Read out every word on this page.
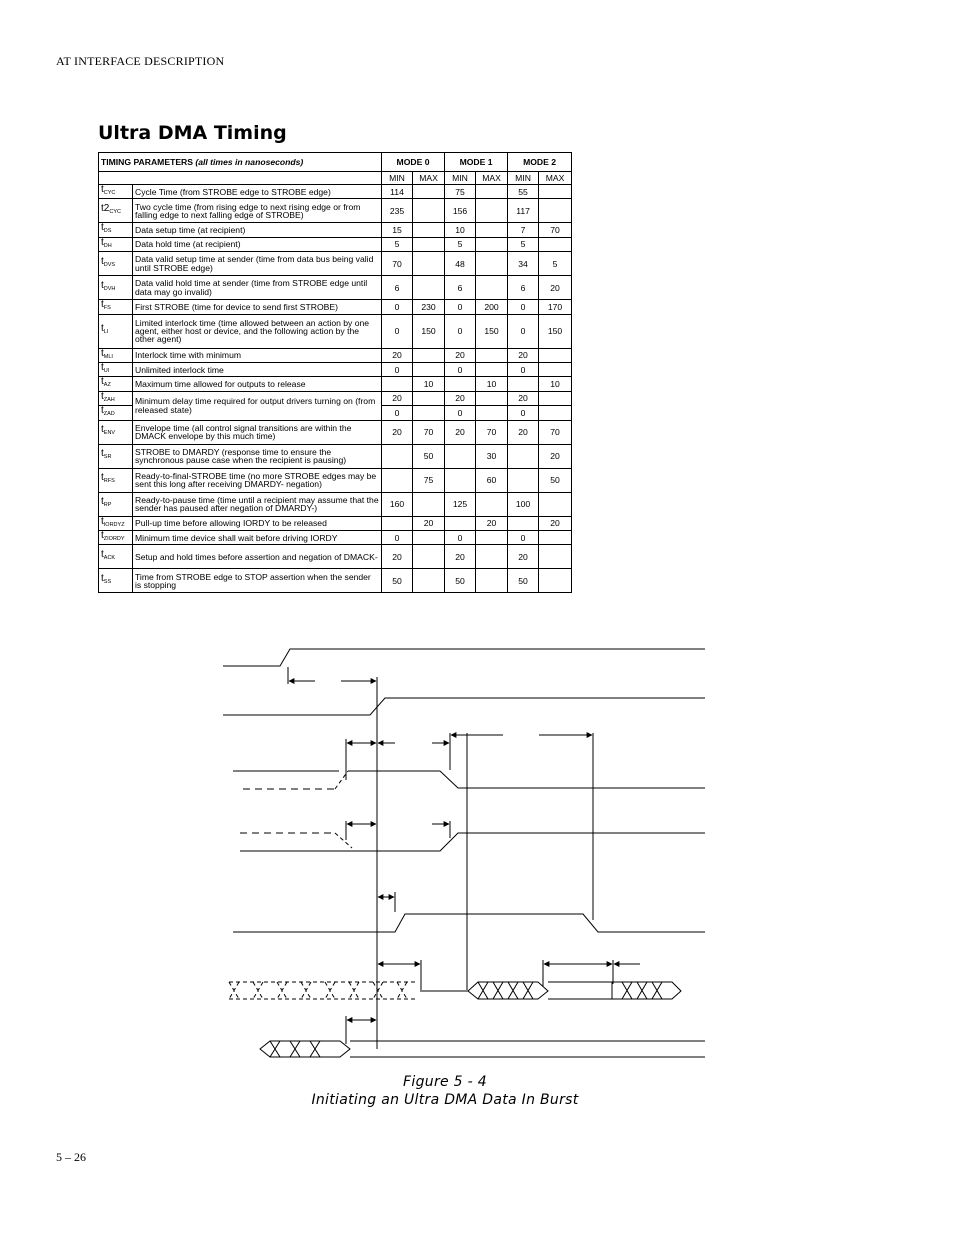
AT INTERFACE DESCRIPTION
Ultra DMA Timing
TIMING PARAMETERS (all times in nanoseconds)		MODE 0		MODE 1		MODE 2	
		MIN	MAX	MIN	MAX	MIN	MAX
$t_{CYC}$	Cycle Time (from STROBE edge to STROBE edge)	114		75		55	
$t2_{CYC}$	Two cycle time (from rising edge to next rising edge or from falling edge to next falling edge of STROBE)	235		156		117	
$t_{DS}$	Data setup time (at recipient)	15		10		7	70
$t_{DH}$	Data hold time (at recipient)	5		5		5	
$t_{DVS}$	Data valid setup time at sender (time from data bus being valid until STROBE edge)	70		48		34	5
$t_{DVH}$	Data valid hold time at sender (time from STROBE edge until data may go invalid)	6		6		6	20
$t_{FS}$	First STROBE (time for device to send first STROBE)	0	230	0	200	0	170
$t_{LI}$	Limited interlock time (time allowed between an action by one agent, either host or device, and the following action by the other agent)	0	150	0	150	0	150
$t_{MLI}$	Interlock time with minimum	20		20		20	
$t_{UI}$	Unlimited interlock time	0		0		0	
$t_{AZ}$	Maximum time allowed for outputs to release		10		10		10
$t_{ZAH}$	Minimum delay time required for output drivers turning on (from released state)	20		20		20	
$t_{ZAD}$		0		0		0	
$t_{ENV}$	Envelope time (all control signal transitions are within the DMACK envelope by this much time)	20	70	20	70	20	70
$t_{SR}$	STROBE to DMARDY (response time to ensure the synchronous pause case when the recipient is pausing)		50		30		20
$t_{RFS}$	Ready-to-final-STROBE time (no more STROBE edges may be sent this long after receiving DMARDY- negation)		75		60		50
$t_{RP}$	Ready-to-pause time (time until a recipient may assume that the sender has paused after negation of DMARDY-)	160		125		100	
$t_{IORDYZ}$	Pull-up time before allowing IORDY to be released		20		20		20
$t_{ZIORDY}$	Minimum time device shall wait before driving IORDY	0		0		0	
$t_{ACK}$	Setup and hold times before assertion and negation of DMACK-	20		20		20	
$t_{SS}$	Time from STROBE edge to STOP assertion when the sender is stopping	50		50		50	
Figure 5 - 4
Initiating an Ultra DMA Data In Burst
5 – 26
